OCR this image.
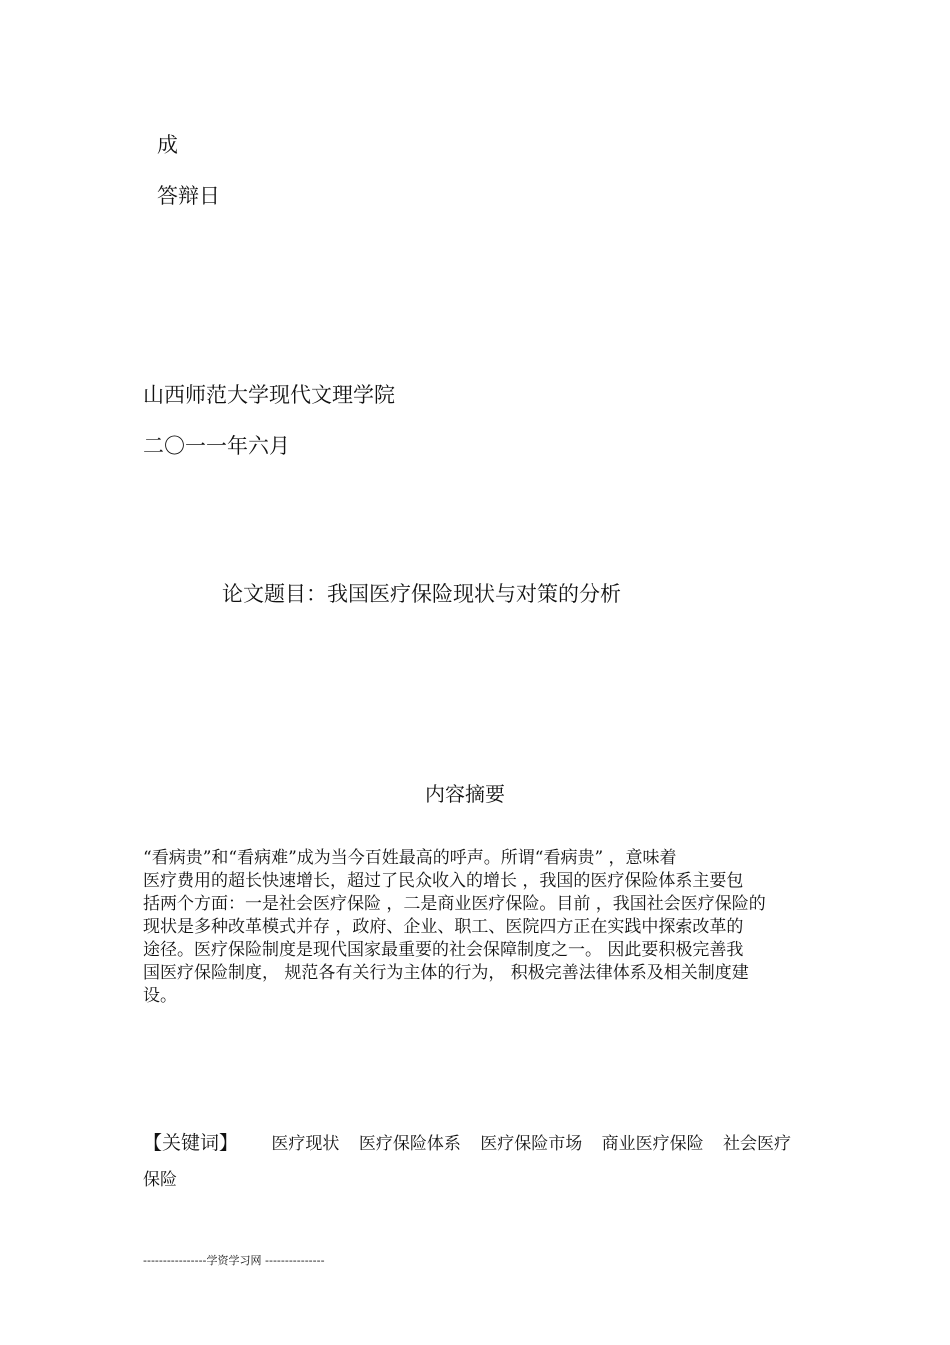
成
答辩日
山西师范大学现代文理学院
二〇一一年六月
论文题目：我国医疗保险现状与对策的分析
内容摘要
“看病贵”和“看病难”成为当今百姓最高的呼声。所谓“看病贵” ，意味着
医疗费用的超长快速增长，超过了民众收入的增长 ，我国的医疗保险体系主要包
括两个方面：一是社会医疗保险 ，二是商业医疗保险。目前 ，我国社会医疗保险的
现状是多种改革模式并存 ，政府、企业、职工、医院四方正在实践中探索改革的
途径。医疗保险制度是现代国家最重要的社会保障制度之一。 因此要积极完善我
国医疗保险制度， 规范各有关行为主体的行为， 积极完善法律体系及相关制度建
设。
【关键词】 医疗现状 医疗保险体系 医疗保险市场 商业医疗保险 社会医疗
保险
----------------学资学习网 ---------------
